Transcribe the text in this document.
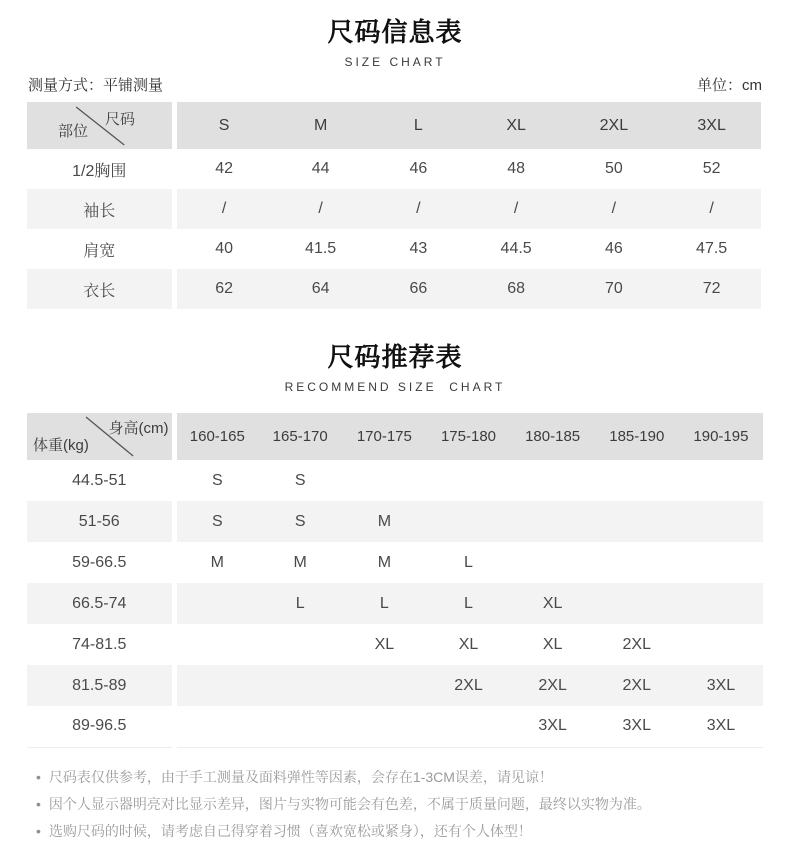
尺码信息表
SIZE CHART
测量方式：平铺测量	单位：cm
尺码
部位	S	M	L	XL	2XL	3XL
1/2胸围	42	44	46	48	50	52
袖长	/	/	/	/	/	/
肩宽	40	41.5	43	44.5	46	47.5
衣长	62	64	66	68	70	72
尺码推荐表
RECOMMEND SIZE  CHART
身高(cm)
体重(kg)	160-165	165-170	170-175	175-180	180-185	185-190	190-195
44.5-51	S	S					
51-56	S	S	M				
59-66.5	M	M	M	L			
66.5-74		L	L	L	XL		
74-81.5			XL	XL	XL	2XL	
81.5-89				2XL	2XL	2XL	3XL
89-96.5					3XL	3XL	3XL
• 尺码表仅供参考，由于手工测量及面料弹性等因素，会存在1-3CM误差，请见谅！
• 因个人显示器明亮对比显示差异，图片与实物可能会有色差，不属于质量问题，最终以实物为准。
• 选购尺码的时候，请考虑自己得穿着习惯（喜欢宽松或紧身），还有个人体型！
